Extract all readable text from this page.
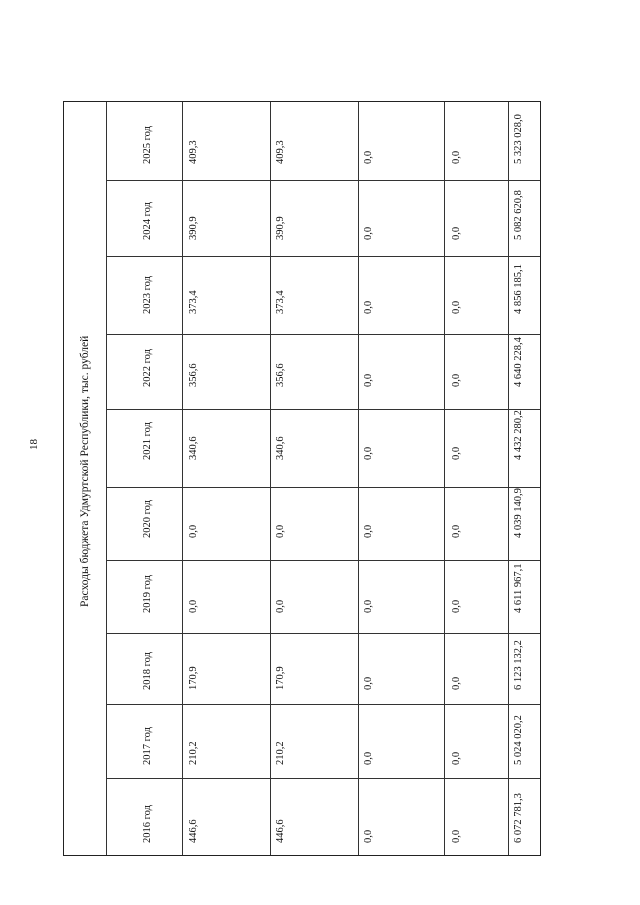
18	Расходы бюджета Удмуртской Республики, тыс. рублей
2016 год
2017 год
2018 год
2019 год
2020 год
2021 год
2022 год
2023 год
2024 год
2025 год
446,6
210,2
170,9
0,0
0,0
340,6
356,6
373,4
390,9
409,3
446,6
210,2
170,9
0,0
0,0
340,6
356,6
373,4
390,9
409,3
0,0
0,0
0,0
0,0
0,0
0,0
0,0
0,0
0,0
0,0
0,0
0,0
0,0
0,0
0,0
0,0
0,0
0,0
0,0
0,0
6 072 781,3
5 024 020,2
6 123 132,2
4 611 967,1
4 039 140,9
4 432 280,2
4 640 228,4
4 856 185,1
5 082 620,8
5 323 028,0
